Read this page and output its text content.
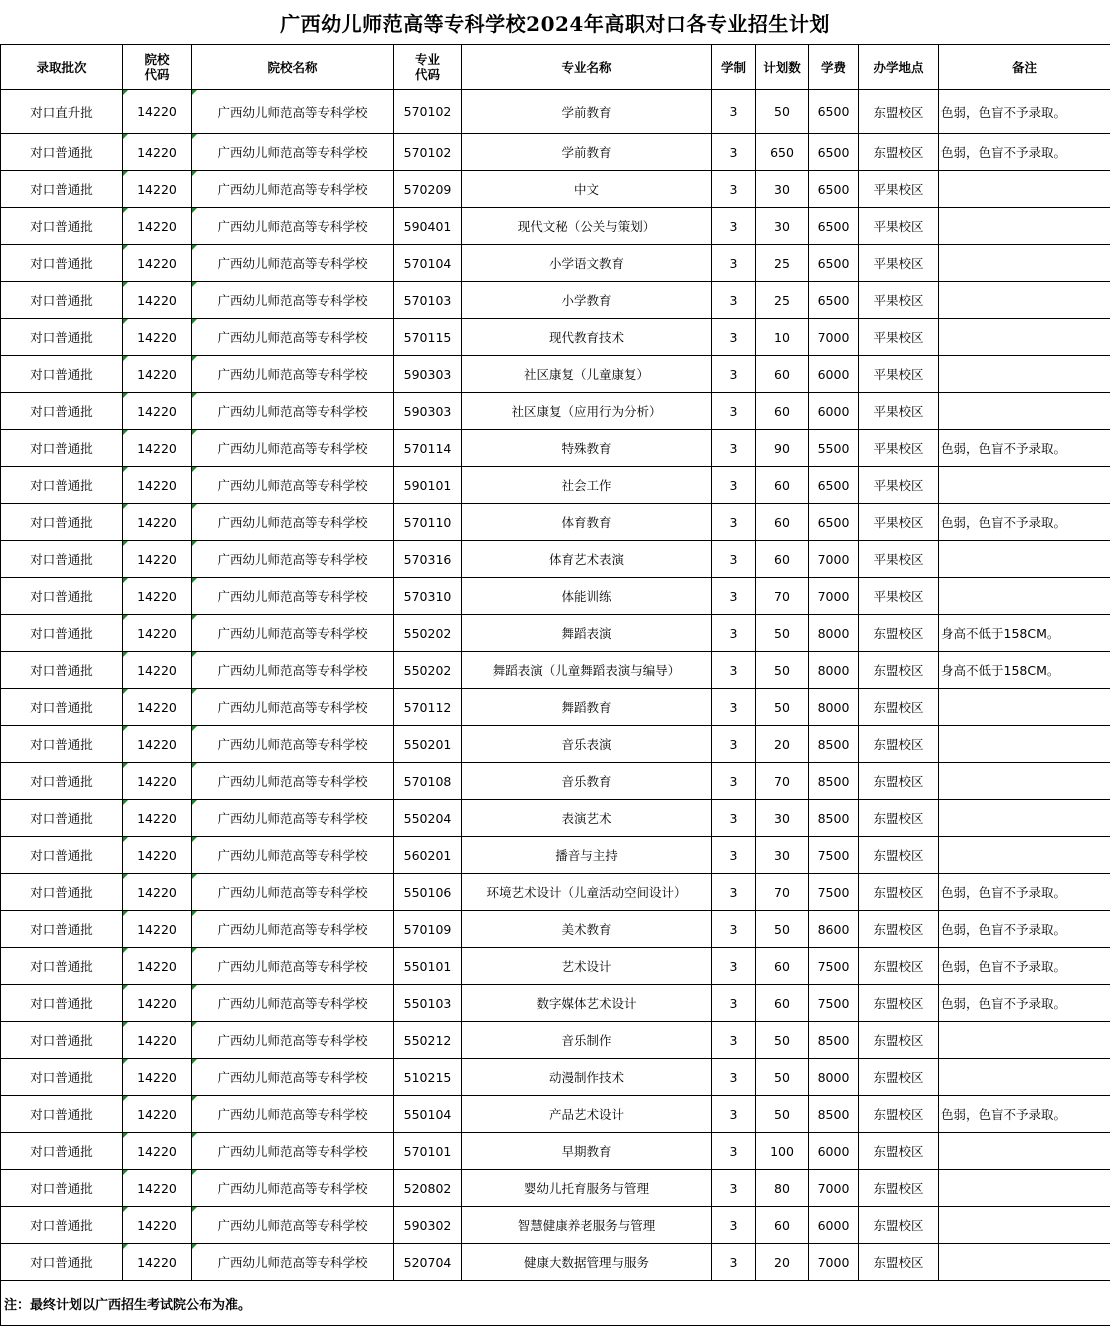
广西幼儿师范高等专科学校2024年高职对口各专业招生计划
录取批次	院校代码	院校名称	专业代码	专业名称	学制	计划数	学费	办学地点	备注
对口直升批	14220	广西幼儿师范高等专科学校	570102	学前教育	3	50	6500	东盟校区	色弱，色盲不予录取。
对口普通批	14220	广西幼儿师范高等专科学校	570102	学前教育	3	650	6500	东盟校区	色弱，色盲不予录取。
对口普通批	14220	广西幼儿师范高等专科学校	570209	中文	3	30	6500	平果校区	
对口普通批	14220	广西幼儿师范高等专科学校	590401	现代文秘（公关与策划）	3	30	6500	平果校区	
对口普通批	14220	广西幼儿师范高等专科学校	570104	小学语文教育	3	25	6500	平果校区	
对口普通批	14220	广西幼儿师范高等专科学校	570103	小学教育	3	25	6500	平果校区	
对口普通批	14220	广西幼儿师范高等专科学校	570115	现代教育技术	3	10	7000	平果校区	
对口普通批	14220	广西幼儿师范高等专科学校	590303	社区康复（儿童康复）	3	60	6000	平果校区	
对口普通批	14220	广西幼儿师范高等专科学校	590303	社区康复（应用行为分析）	3	60	6000	平果校区	
对口普通批	14220	广西幼儿师范高等专科学校	570114	特殊教育	3	90	5500	平果校区	色弱，色盲不予录取。
对口普通批	14220	广西幼儿师范高等专科学校	590101	社会工作	3	60	6500	平果校区	
对口普通批	14220	广西幼儿师范高等专科学校	570110	体育教育	3	60	6500	平果校区	色弱，色盲不予录取。
对口普通批	14220	广西幼儿师范高等专科学校	570316	体育艺术表演	3	60	7000	平果校区	
对口普通批	14220	广西幼儿师范高等专科学校	570310	体能训练	3	70	7000	平果校区	
对口普通批	14220	广西幼儿师范高等专科学校	550202	舞蹈表演	3	50	8000	东盟校区	身高不低于158CM。
对口普通批	14220	广西幼儿师范高等专科学校	550202	舞蹈表演（儿童舞蹈表演与编导）	3	50	8000	东盟校区	身高不低于158CM。
对口普通批	14220	广西幼儿师范高等专科学校	570112	舞蹈教育	3	50	8000	东盟校区	
对口普通批	14220	广西幼儿师范高等专科学校	550201	音乐表演	3	20	8500	东盟校区	
对口普通批	14220	广西幼儿师范高等专科学校	570108	音乐教育	3	70	8500	东盟校区	
对口普通批	14220	广西幼儿师范高等专科学校	550204	表演艺术	3	30	8500	东盟校区	
对口普通批	14220	广西幼儿师范高等专科学校	560201	播音与主持	3	30	7500	东盟校区	
对口普通批	14220	广西幼儿师范高等专科学校	550106	环境艺术设计（儿童活动空间设计）	3	70	7500	东盟校区	色弱，色盲不予录取。
对口普通批	14220	广西幼儿师范高等专科学校	570109	美术教育	3	50	8600	东盟校区	色弱，色盲不予录取。
对口普通批	14220	广西幼儿师范高等专科学校	550101	艺术设计	3	60	7500	东盟校区	色弱，色盲不予录取。
对口普通批	14220	广西幼儿师范高等专科学校	550103	数字媒体艺术设计	3	60	7500	东盟校区	色弱，色盲不予录取。
对口普通批	14220	广西幼儿师范高等专科学校	550212	音乐制作	3	50	8500	东盟校区	
对口普通批	14220	广西幼儿师范高等专科学校	510215	动漫制作技术	3	50	8000	东盟校区	
对口普通批	14220	广西幼儿师范高等专科学校	550104	产品艺术设计	3	50	8500	东盟校区	色弱，色盲不予录取。
对口普通批	14220	广西幼儿师范高等专科学校	570101	早期教育	3	100	6000	东盟校区	
对口普通批	14220	广西幼儿师范高等专科学校	520802	婴幼儿托育服务与管理	3	80	7000	东盟校区	
对口普通批	14220	广西幼儿师范高等专科学校	590302	智慧健康养老服务与管理	3	60	6000	东盟校区	
对口普通批	14220	广西幼儿师范高等专科学校	520704	健康大数据管理与服务	3	20	7000	东盟校区	
注：最终计划以广西招生考试院公布为准。									
